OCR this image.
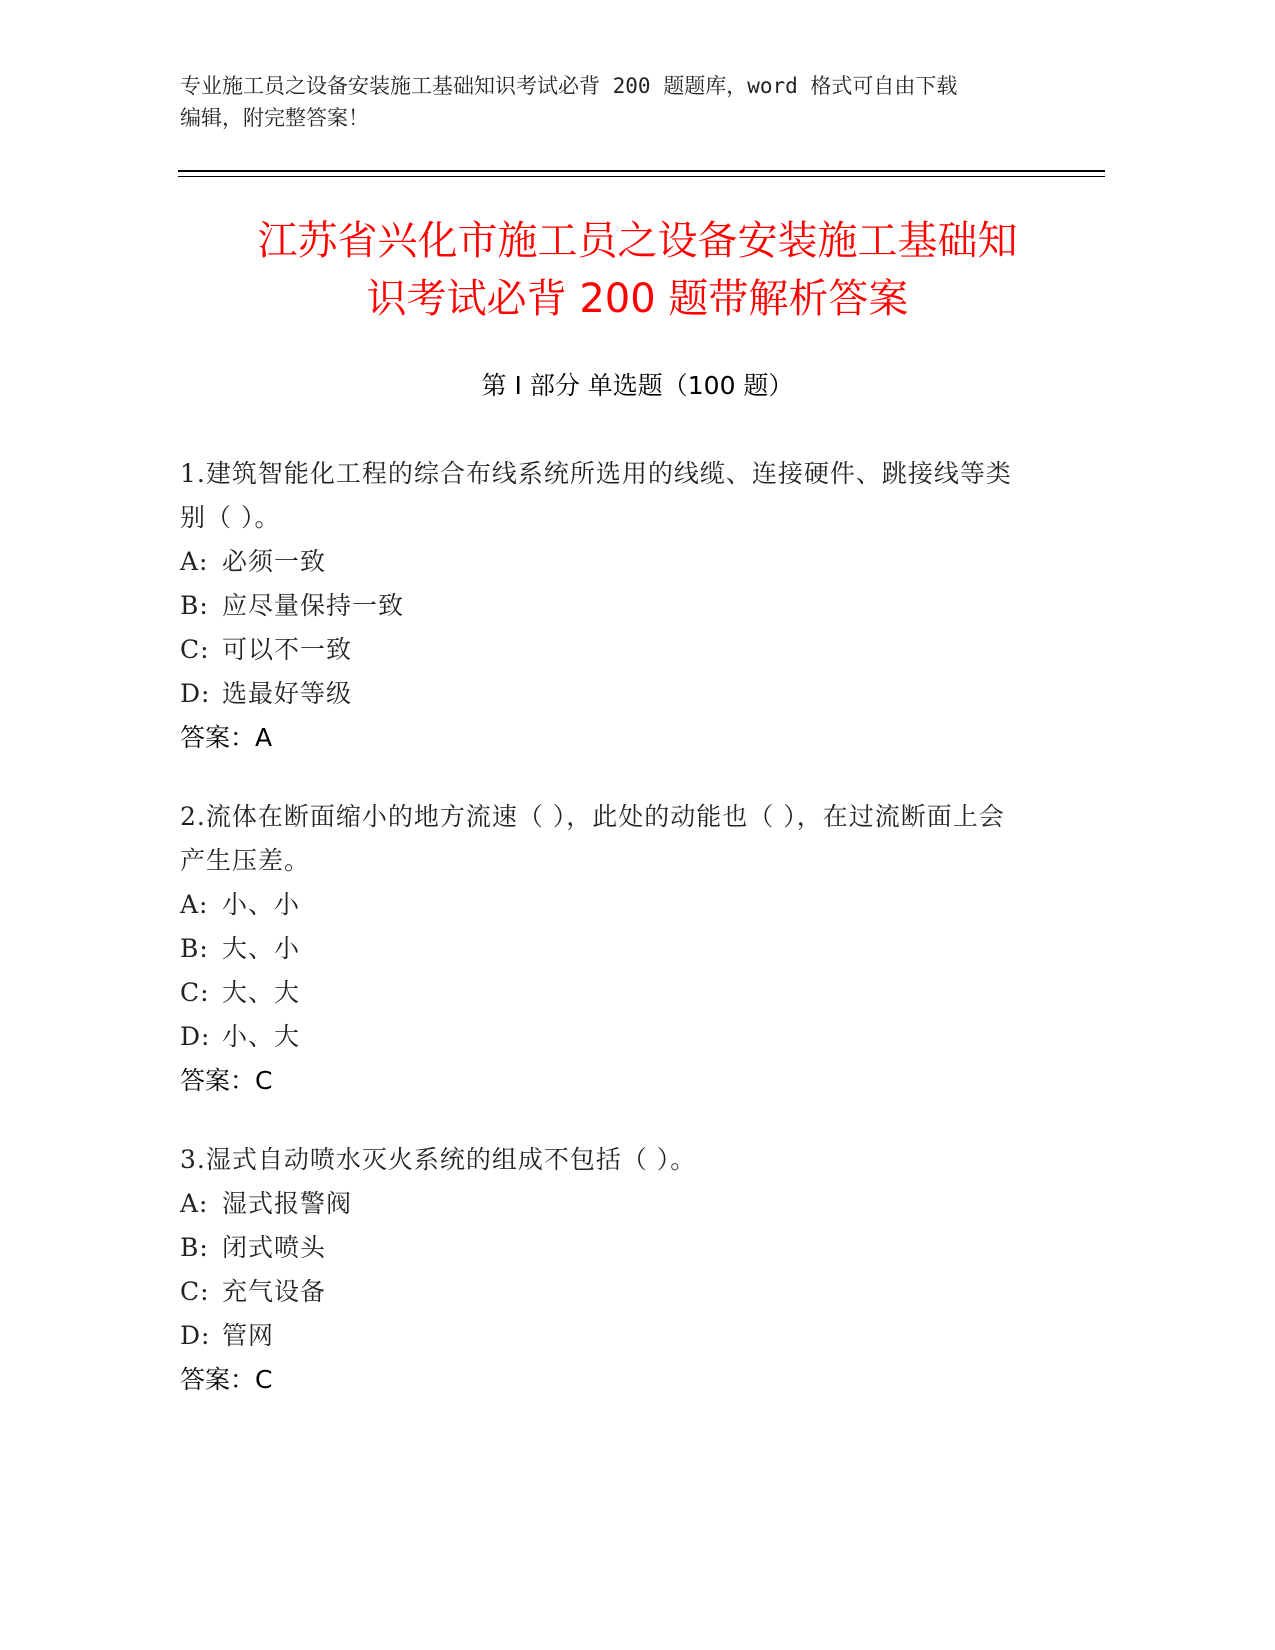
专业施工员之设备安装施工基础知识考试必背 200 题题库，word 格式可自由下载
编辑，附完整答案！
江苏省兴化市施工员之设备安装施工基础知
识考试必背 200 题带解析答案
第 I 部分 单选题（100 题）
1.建筑智能化工程的综合布线系统所选用的线缆、连接硬件、跳接线等类别（ ）。
A: 必须一致
B: 应尽量保持一致
C: 可以不一致
D: 选最好等级
答案：A
2.流体在断面缩小的地方流速（ ），此处的动能也（ ），在过流断面上会产生压差。
A: 小、小
B: 大、小
C: 大、大
D: 小、大
答案：C
3.湿式自动喷水灭火系统的组成不包括（ ）。
A: 湿式报警阀
B: 闭式喷头
C: 充气设备
D: 管网
答案：C
